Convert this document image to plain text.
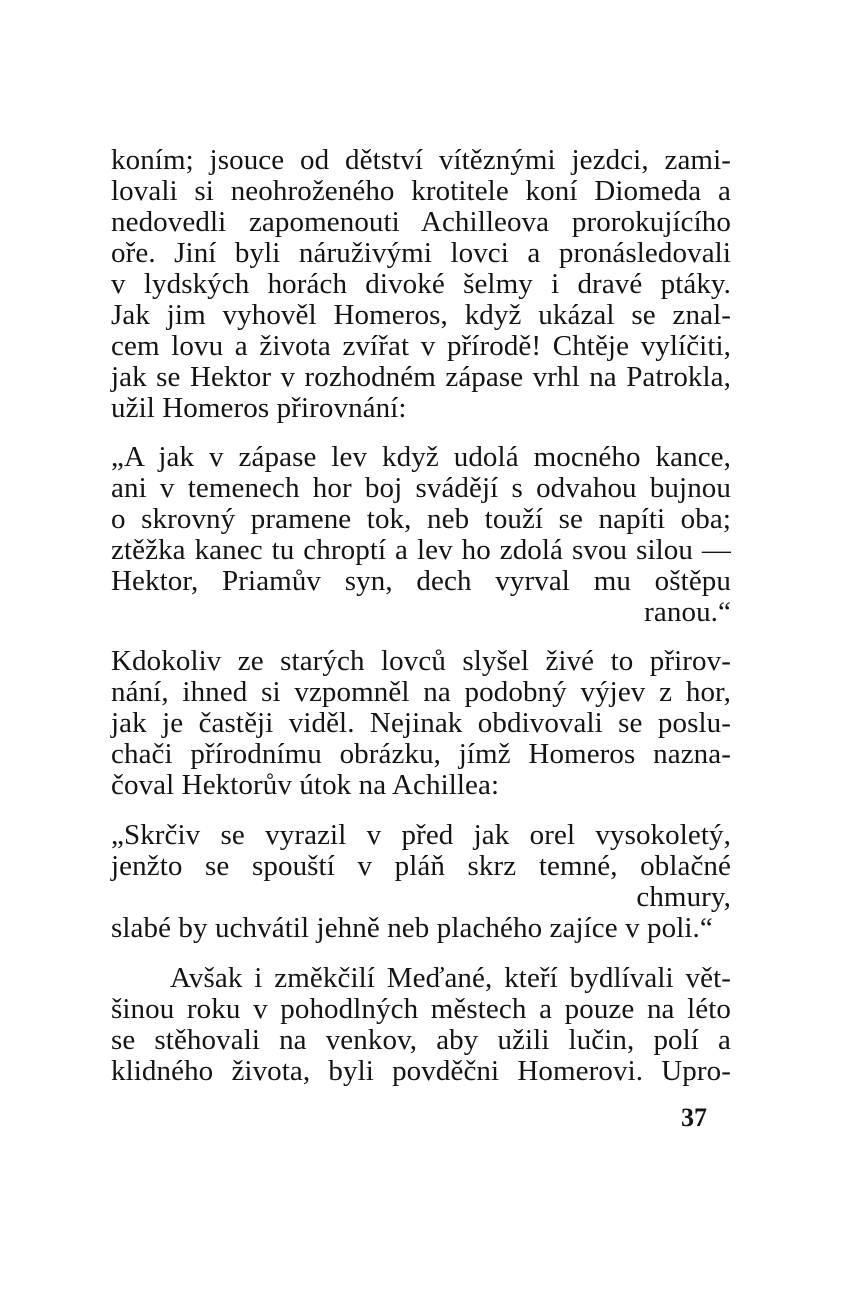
koním; jsouce od dětství vítěznými jezdci, zami-
lovali si neohroženého krotitele koní Diomeda a
nedovedli zapomenouti Achilleova prorokujícího
oře. Jiní byli náruživými lovci a pronásledovali
v lydských horách divoké šelmy i dravé ptáky.
Jak jim vyhověl Homeros, když ukázal se znal-
cem lovu a života zvířat v přírodě! Chtěje vylíčiti,
jak se Hektor v rozhodném zápase vrhl na Patrokla,
užil Homeros přirovnání:
„A jak v zápase lev když udolá mocného kance,
ani v temenech hor boj svádějí s odvahou bujnou
o skrovný pramene tok, neb touží se napíti oba;
ztěžka kanec tu chroptí a lev ho zdolá svou silou —
Hektor, Priamův syn, dech vyrval mu oštěpu
ranou.“
Kdokoliv ze starých lovců slyšel živé to přirov-
nání, ihned si vzpomněl na podobný výjev z hor,
jak je častěji viděl. Nejinak obdivovali se poslu-
chači přírodnímu obrázku, jímž Homeros nazna-
čoval Hektorův útok na Achillea:
„Skrčiv se vyrazil v před jak orel vysokoletý,
jenžto se spouští v pláň skrz temné, oblačné
chmury,
slabé by uchvátil jehně neb plachého zajíce v poli.“
Avšak i změkčilí Meďané, kteří bydlívali vět-
šinou roku v pohodlných městech a pouze na léto
se stěhovali na venkov, aby užili lučin, polí a
klidného života, byli povděčni Homerovi. Upro-
37
